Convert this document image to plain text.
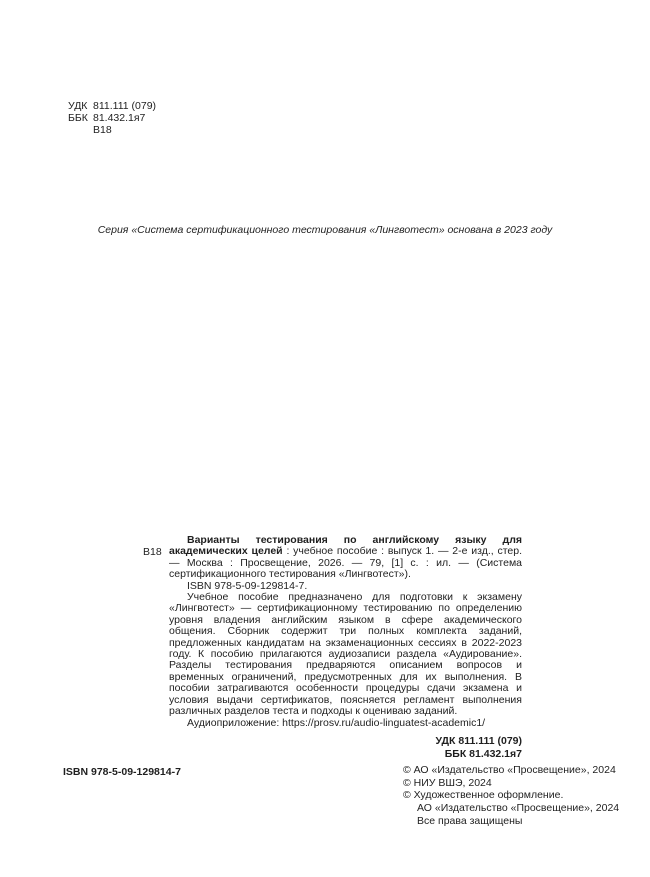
УДК 811.111 (079)
ББК 81.432.1я7
В18
Серия «Система сертификационного тестирования «Лингвотест» основана в 2023 году
В18

Варианты тестирования по английскому языку для академических целей : учебное пособие : выпуск 1. — 2-е изд., стер. — Москва : Просвещение, 2026. — 79, [1] с. : ил. — (Система сертификационного тестирования «Лингвотест»).

ISBN 978-5-09-129814-7.

Учебное пособие предназначено для подготовки к экзамену «Лингвотест» — сертификационному тестированию по определению уровня владения английским языком в сфере академического общения. Сборник содержит три полных комплекта заданий, предложенных кандидатам на экзаменационных сессиях в 2022-2023 году. К пособию прилагаются аудиозаписи раздела «Аудирование». Разделы тестирования предваряются описанием вопросов и временных ограничений, предусмотренных для их выполнения. В пособии затрагиваются особенности процедуры сдачи экзамена и условия выдачи сертификатов, поясняется регламент выполнения различных разделов теста и подходы к оцениваю заданий.

Аудиоприложение: https://prosv.ru/audio-linguatest-academic1/

УДК 811.111 (079)
ББК 81.432.1я7
ISBN 978-5-09-129814-7	© АО «Издательство «Просвещение», 2024
© НИУ ВШЭ, 2024
© Художественное оформление.
АО «Издательство «Просвещение», 2024
Все права защищены
